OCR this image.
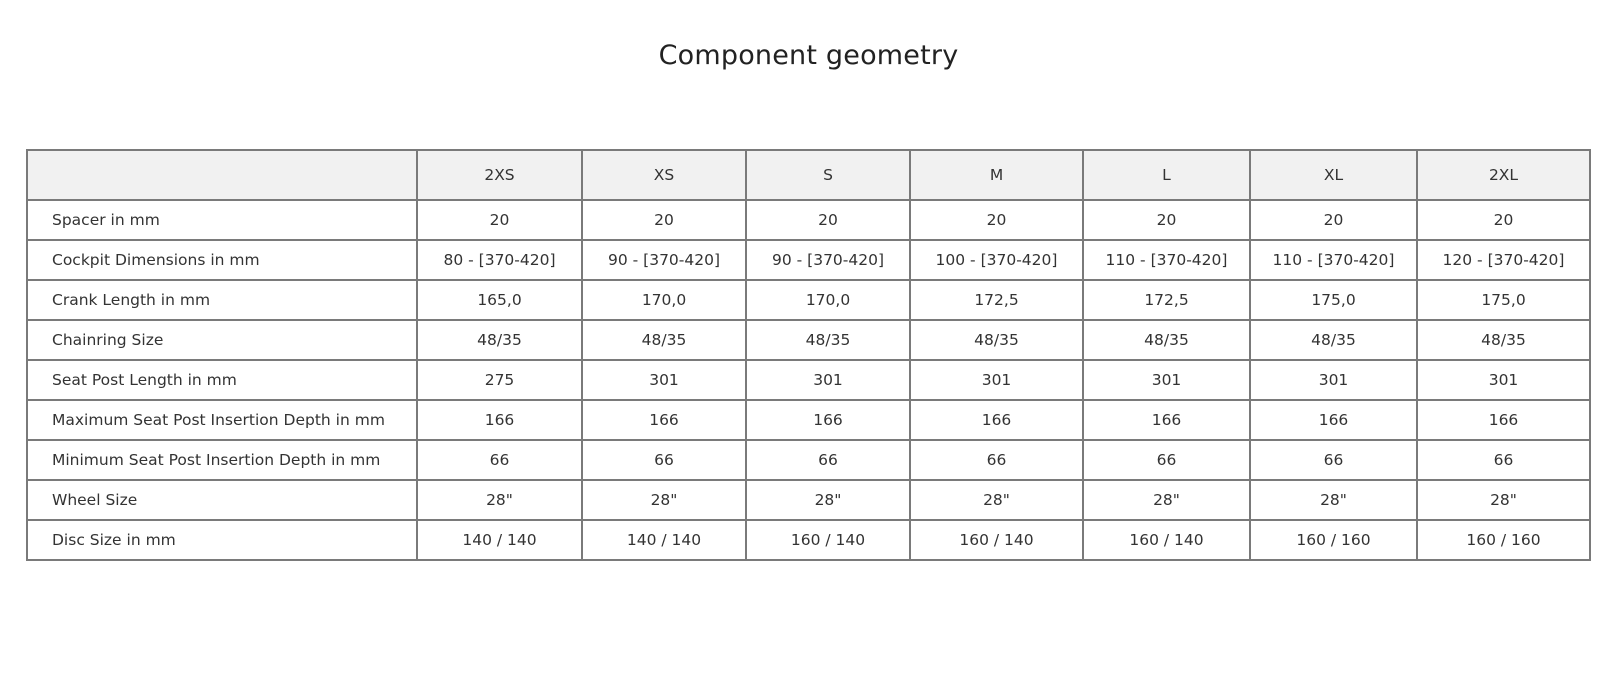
Component geometry
	2XS	XS	S	M	L	XL	2XL
Spacer in mm	20	20	20	20	20	20	20
Cockpit Dimensions in mm	80 - [370-420]	90 - [370-420]	90 - [370-420]	100 - [370-420]	110 - [370-420]	110 - [370-420]	120 - [370-420]
Crank Length in mm	165,0	170,0	170,0	172,5	172,5	175,0	175,0
Chainring Size	48/35	48/35	48/35	48/35	48/35	48/35	48/35
Seat Post Length in mm	275	301	301	301	301	301	301
Maximum Seat Post Insertion Depth in mm	166	166	166	166	166	166	166
Minimum Seat Post Insertion Depth in mm	66	66	66	66	66	66	66
Wheel Size	28"	28"	28"	28"	28"	28"	28"
Disc Size in mm	140 / 140	140 / 140	160 / 140	160 / 140	160 / 140	160 / 160	160 / 160
